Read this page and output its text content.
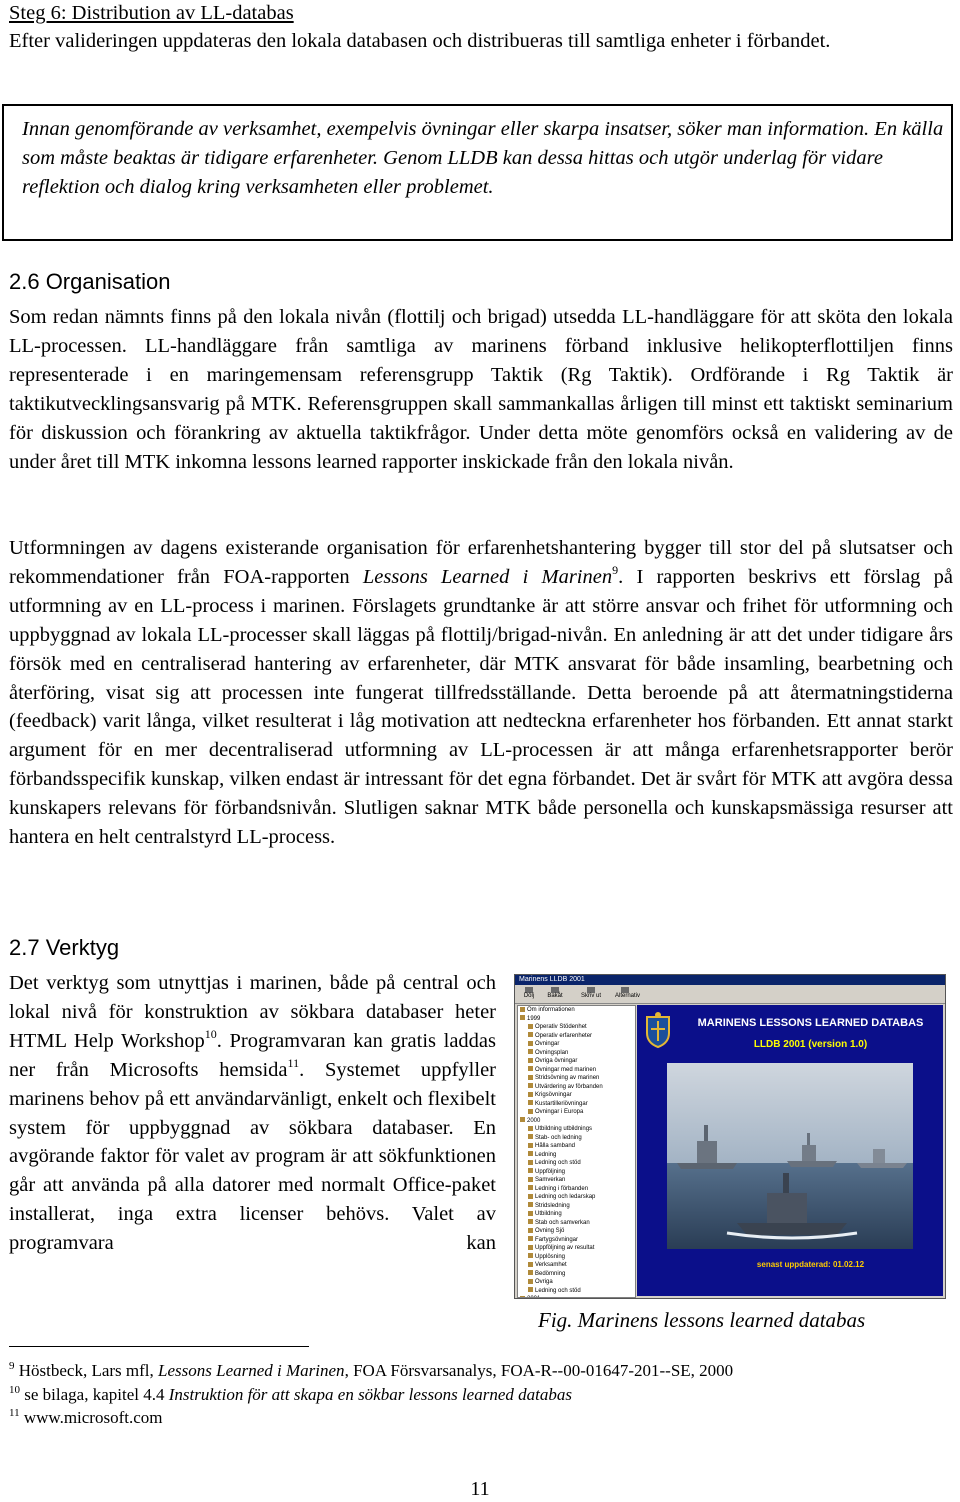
Steg 6: Distribution av LL-databas
Efter valideringen uppdateras den lokala databasen och distribueras till samtliga enheter i förbandet.
Innan genomförande av verksamhet, exempelvis övningar eller skarpa insatser, söker man information. En källa som måste beaktas är tidigare erfarenheter. Genom LLDB kan dessa hittas och utgör underlag för vidare reflektion och dialog kring verksamheten eller problemet.
2.6 Organisation
Som redan nämnts finns på den lokala nivån (flottilj och brigad) utsedda LL-handläggare för att sköta den lokala LL-processen. LL-handläggare från samtliga av marinens förband inklusive helikopterflottiljen finns representerade i en maringemensam referensgrupp Taktik (Rg Taktik). Ordförande i Rg Taktik är taktikutvecklingsansvarig på MTK. Referensgruppen skall sammankallas årligen till minst ett taktiskt seminarium för diskussion och förankring av aktuella taktikfrågor. Under detta möte genomförs också en validering av de under året till MTK inkomna lessons learned rapporter inskickade från den lokala nivån.
Utformningen av dagens existerande organisation för erfarenhetshantering bygger till stor del på slutsatser och rekommendationer från FOA-rapporten Lessons Learned i Marinen$^9$. I rapporten beskrivs ett förslag på utformning av en LL-process i marinen. Förslagets grundtanke är att större ansvar och frihet för utformning och uppbyggnad av lokala LL-processer skall läggas på flottilj/brigad-nivån. En anledning är att det under tidigare års försök med en centraliserad hantering av erfarenheter, där MTK ansvarat för både insamling, bearbetning och återföring, visat sig att processen inte fungerat tillfredsställande. Detta beroende på att återmatningstiderna (feedback) varit långa, vilket resulterat i låg motivation att nedteckna erfarenheter hos förbanden. Ett annat starkt argument för en mer decentraliserad utformning av LL-processen är att många erfarenhetsrapporter berör förbandsspecifik kunskap, vilken endast är intressant för det egna förbandet. Det är svårt för MTK att avgöra dessa kunskapers relevans för förbandsnivån. Slutligen saknar MTK både personella och kunskapsmässiga resurser att hantera en helt centralstyrd LL-process.
2.7 Verktyg
Det verktyg som utnyttjas i marinen, både på central och lokal nivå för konstruktion av sökbara databaser heter HTML Help Workshop$^{10}$. Programvaran kan gratis laddas ner från Microsofts hemsida$^{11}$. Systemet uppfyller marinens behov på ett användarvänligt, enkelt och flexibelt system för uppbyggnad av sökbara databaser. En avgörande faktor för valet av program är att sökfunktionen går att använda på alla datorer med normalt Office-paket installerat, inga extra licenser behövs. Valet av programvara kan
Marinens LLDB 2001
Dölj	Bakåt	Skriv ut Alternativ
Om informationen
1999
Operativ Stödenhet
Operativ erfarenheter
Övningar
Övningsplan
Övriga övningar
Övningar med marinen
Stridsövning av marinen
Utvärdering av förbanden
Krigsövningar
Kustartilleriövningar
Övningar i Europa
2000
Utbildning utbildnings
Stab- och ledning
Hålla samband
Ledning
Ledning och stöd
Uppföljning
Samverkan
Ledning i förbanden
Ledning och ledarskap
Stridsledning
Utbildning
Stab och samverkan
Övning Sjö
Fartygsövningar
Uppföljning av resultat
Upplösning
Verksamhet
Bedömning
Övriga
Ledning och stöd
MARINENS LESSONS LEARNED DATABAS
LLDB 2001 (version 1.0)
senast uppdaterad: 01.02.12
Fig. Marinens lessons learned databas
$^9$ Höstbeck, Lars mfl, Lessons Learned i Marinen, FOA Försvarsanalys, FOA-R--00-01647-201--SE, 2000
$^{10}$ se bilaga, kapitel 4.4 Instruktion för att skapa en sökbar lessons learned databas
$^{11}$ www.microsoft.com
11
